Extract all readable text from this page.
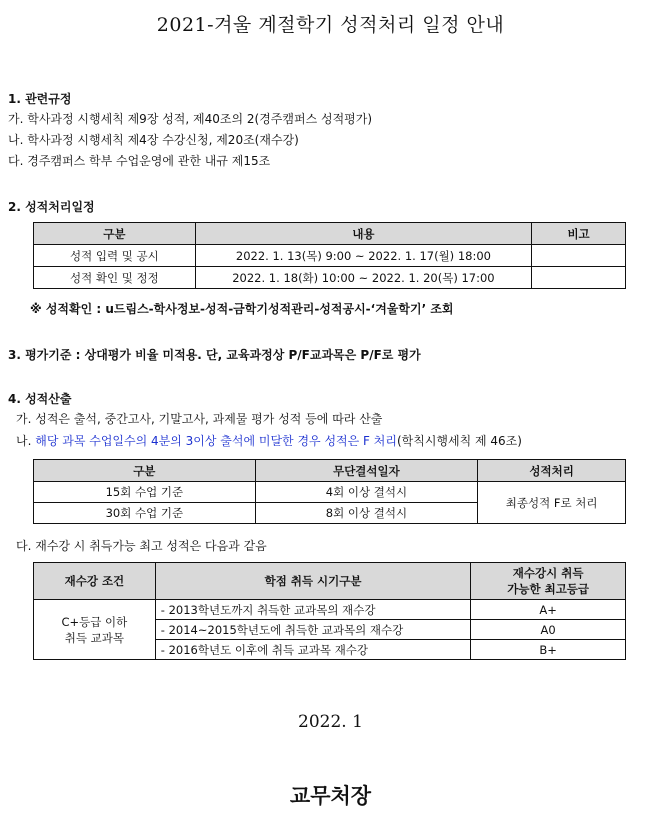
2021-겨울 계절학기 성적처리 일정 안내
1. 관련규정
가. 학사과정 시행세칙 제9장 성적, 제40조의 2(경주캠퍼스 성적평가)
나. 학사과정 시행세칙 제4장 수강신청, 제20조(재수강)
다. 경주캠퍼스 학부 수업운영에 관한 내규 제15조
2. 성적처리일정
구분	내용	비고
성적 입력 및 공시	2022. 1. 13(목) 9:00 ~ 2022. 1. 17(월) 18:00	
성적 확인 및 정정	2022. 1. 18(화) 10:00 ~ 2022. 1. 20(목) 17:00	
※ 성적확인 : u드림스-학사정보-성적-금학기성적관리-성적공시-‘겨울학기’ 조회
3. 평가기준 : 상대평가 비율 미적용. 단, 교육과정상 P/F교과목은 P/F로 평가
4. 성적산출
가. 성적은 출석, 중간고사, 기말고사, 과제물 평가 성적 등에 따라 산출
나. 해당 과목 수업일수의 4분의 3이상 출석에 미달한 경우 성적은 F 처리(학칙시행세칙 제 46조)
구분	무단결석일자	성적처리
15회 수업 기준	4회 이상 결석시	최종성적 F로 처리
30회 수업 기준	8회 이상 결석시	
다. 재수강 시 취득가능 최고 성적은 다음과 같음
재수강 조건	학점 취득 시기구분	재수강시 취득
가능한 최고등급

C+등급 이하
취득 교과목	- 2013학년도까지 취득한 교과목의 재수강	A+
	- 2014~2015학년도에 취득한 교과목의 재수강	A0
	- 2016학년도 이후에 취득 교과목 재수강	B+
2022. 1
교무처장
